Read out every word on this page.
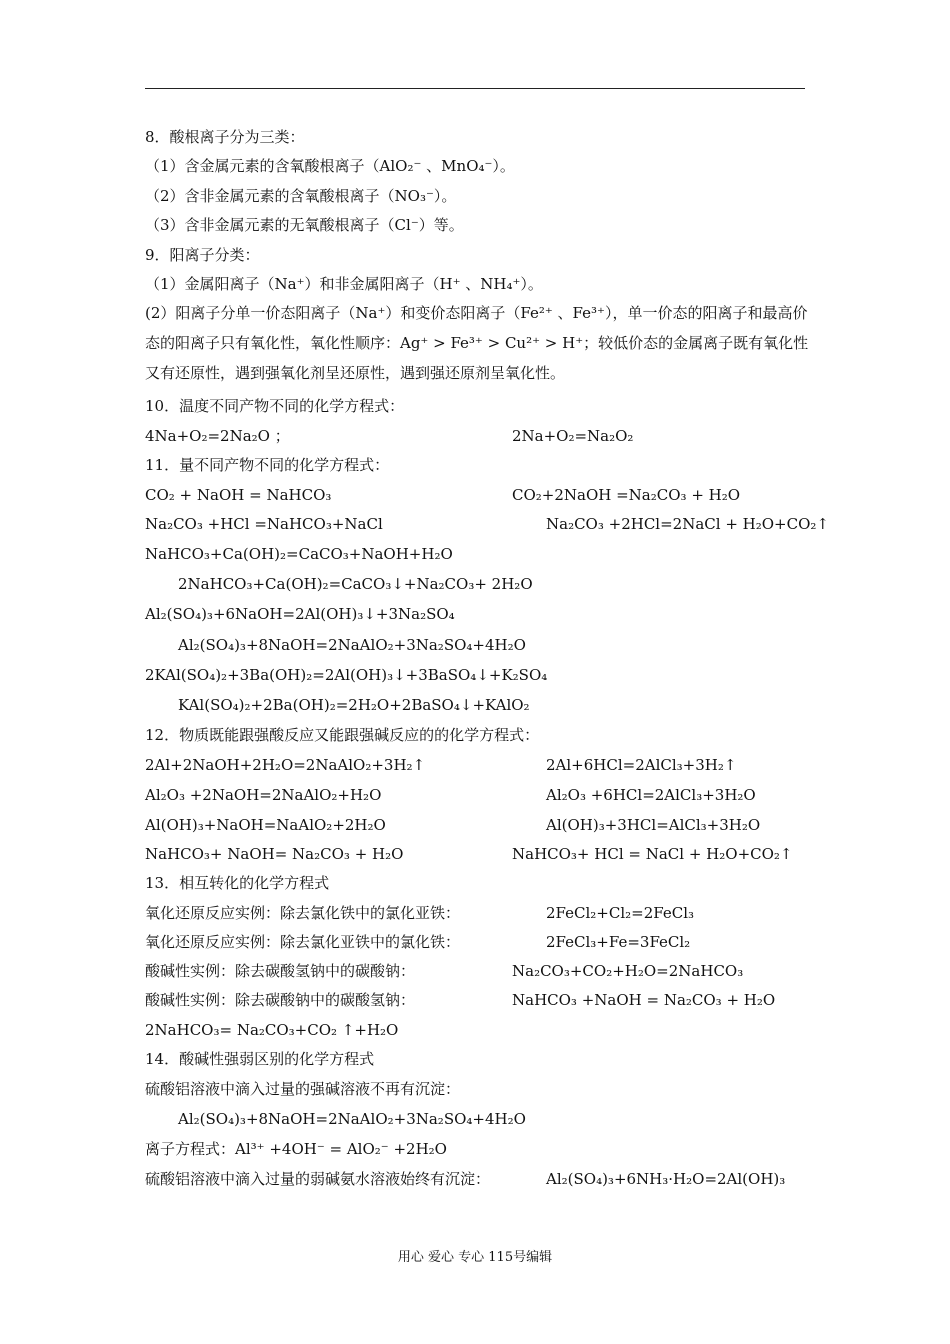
8．酸根离子分为三类：
（1）含金属元素的含氧酸根离子（AlO₂⁻ 、MnO₄⁻）。
（2）含非金属元素的含氧酸根离子（NO₃⁻）。
（3）含非金属元素的无氧酸根离子（Cl⁻）等。
9．阳离子分类：
（1）金属阳离子（Na⁺）和非金属阳离子（H⁺ 、NH₄⁺）。
(2）阳离子分单一价态阳离子（Na⁺）和变价态阳离子（Fe²⁺ 、Fe³⁺），单一价态的阳离子和最高价态的阳离子只有氧化性，氧化性顺序：Ag⁺ > Fe³⁺ > Cu²⁺ > H⁺；较低价态的金属离子既有氧化性又有还原性，遇到强氧化剂呈还原性，遇到强还原剂呈氧化性。
10．温度不同产物不同的化学方程式：
4Na+O₂=2Na₂O ；	2Na+O₂=Na₂O₂
11．量不同产物不同的化学方程式：
CO₂ + NaOH = NaHCO₃	CO₂+2NaOH =Na₂CO₃ + H₂O
Na₂CO₃ +HCl =NaHCO₃+NaCl	Na₂CO₃ +2HCl=2NaCl + H₂O+CO₂↑
NaHCO₃+Ca(OH)₂=CaCO₃+NaOH+H₂O
2NaHCO₃+Ca(OH)₂=CaCO₃↓+Na₂CO₃+ 2H₂O
Al₂(SO₄)₃+6NaOH=2Al(OH)₃↓+3Na₂SO₄
Al₂(SO₄)₃+8NaOH=2NaAlO₂+3Na₂SO₄+4H₂O
2KAl(SO₄)₂+3Ba(OH)₂=2Al(OH)₃↓+3BaSO₄↓+K₂SO₄
KAl(SO₄)₂+2Ba(OH)₂=2H₂O+2BaSO₄↓+KAlO₂
12．物质既能跟强酸反应又能跟强碱反应的的化学方程式：
2Al+2NaOH+2H₂O=2NaAlO₂+3H₂↑	2Al+6HCl=2AlCl₃+3H₂↑
Al₂O₃ +2NaOH=2NaAlO₂+H₂O	Al₂O₃ +6HCl=2AlCl₃+3H₂O
Al(OH)₃+NaOH=NaAlO₂+2H₂O	Al(OH)₃+3HCl=AlCl₃+3H₂O
NaHCO₃+ NaOH= Na₂CO₃ + H₂O	NaHCO₃+ HCl = NaCl + H₂O+CO₂↑
13．相互转化的化学方程式
氧化还原反应实例：除去氯化铁中的氯化亚铁：	2FeCl₂+Cl₂=2FeCl₃
氧化还原反应实例：除去氯化亚铁中的氯化铁：	2FeCl₃+Fe=3FeCl₂
酸碱性实例：除去碳酸氢钠中的碳酸钠：	Na₂CO₃+CO₂+H₂O=2NaHCO₃
酸碱性实例：除去碳酸钠中的碳酸氢钠：	NaHCO₃ +NaOH = Na₂CO₃ + H₂O
2NaHCO₃= Na₂CO₃+CO₂ ↑+H₂O
14．酸碱性强弱区别的化学方程式
硫酸铝溶液中滴入过量的强碱溶液不再有沉淀：
Al₂(SO₄)₃+8NaOH=2NaAlO₂+3Na₂SO₄+4H₂O
离子方程式：Al³⁺ +4OH⁻ = AlO₂⁻ +2H₂O
硫酸铝溶液中滴入过量的弱碱氨水溶液始终有沉淀：	Al₂(SO₄)₃+6NH₃·H₂O=2Al(OH)₃
用心 爱心 专心 115号编辑
